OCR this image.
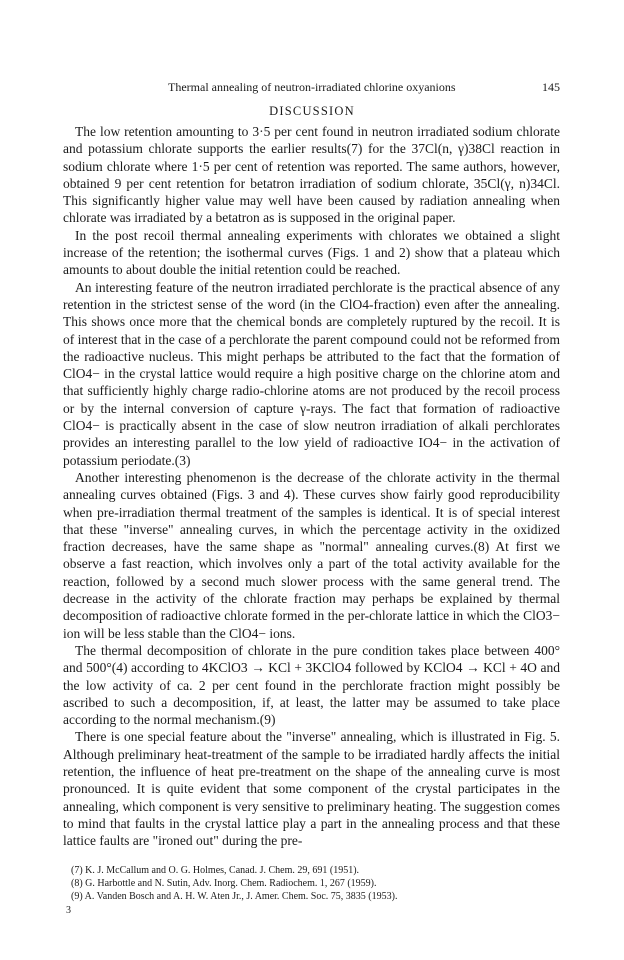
Thermal annealing of neutron-irradiated chlorine oxyanions	145
DISCUSSION

The low retention amounting to 3·5 per cent found in neutron irradiated sodium chlorate and potassium chlorate supports the earlier results(7) for the 37Cl(n, γ)38Cl reaction in sodium chlorate where 1·5 per cent of retention was reported. The same authors, however, obtained 9 per cent retention for betatron irradiation of sodium chlorate, 35Cl(γ, n)34Cl. This significantly higher value may well have been caused by radiation annealing when chlorate was irradiated by a betatron as is supposed in the original paper.

In the post recoil thermal annealing experiments with chlorates we obtained a slight increase of the retention; the isothermal curves (Figs. 1 and 2) show that a plateau which amounts to about double the initial retention could be reached.

An interesting feature of the neutron irradiated perchlorate is the practical absence of any retention in the strictest sense of the word (in the ClO4-fraction) even after the annealing. This shows once more that the chemical bonds are completely ruptured by the recoil. It is of interest that in the case of a perchlorate the parent compound could not be reformed from the radioactive nucleus. This might perhaps be attributed to the fact that the formation of ClO4− in the crystal lattice would require a high positive charge on the chlorine atom and that sufficiently highly charge radio-chlorine atoms are not produced by the recoil process or by the internal conversion of capture γ-rays. The fact that formation of radioactive ClO4− is practically absent in the case of slow neutron irradiation of alkali perchlorates provides an interesting parallel to the low yield of radioactive IO4− in the activation of potassium periodate.(3)

Another interesting phenomenon is the decrease of the chlorate activity in the thermal annealing curves obtained (Figs. 3 and 4). These curves show fairly good reproducibility when pre-irradiation thermal treatment of the samples is identical. It is of special interest that these "inverse" annealing curves, in which the percentage activity in the oxidized fraction decreases, have the same shape as "normal" annealing curves.(8) At first we observe a fast reaction, which involves only a part of the total activity available for the reaction, followed by a second much slower process with the same general trend. The decrease in the activity of the chlorate fraction may perhaps be explained by thermal decomposition of radioactive chlorate formed in the per-chlorate lattice in which the ClO3− ion will be less stable than the ClO4− ions.

The thermal decomposition of chlorate in the pure condition takes place between 400° and 500°(4) according to 4KClO3 → KCl + 3KClO4 followed by KClO4 → KCl + 4O and the low activity of ca. 2 per cent found in the perchlorate fraction might possibly be ascribed to such a decomposition, if, at least, the latter may be assumed to take place according to the normal mechanism.(9)

There is one special feature about the "inverse" annealing, which is illustrated in Fig. 5. Although preliminary heat-treatment of the sample to be irradiated hardly affects the initial retention, the influence of heat pre-treatment on the shape of the annealing curve is most pronounced. It is quite evident that some component of the crystal participates in the annealing, which component is very sensitive to preliminary heating. The suggestion comes to mind that faults in the crystal lattice play a part in the annealing process and that these lattice faults are "ironed out" during the pre-

(7) K. J. McCallum and O. G. Holmes, Canad. J. Chem. 29, 691 (1951).
(8) G. Harbottle and N. Sutin, Adv. Inorg. Chem. Radiochem. 1, 267 (1959).
(9) A. Vanden Bosch and A. H. W. Aten Jr., J. Amer. Chem. Soc. 75, 3835 (1953).
3
